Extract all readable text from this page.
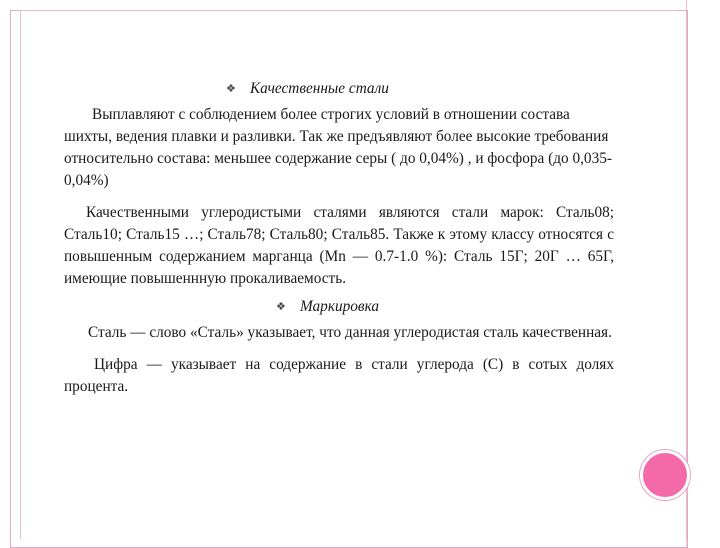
❖ Качественные стали

Выплавляют с соблюдением более строгих условий в отношении состава шихты, ведения плавки и разливки. Так же предъявляют более высокие требования относительно состава: меньшее содержание серы ( до 0,04%) , и фосфора (до 0,035-0,04%)

Качественными углеродистыми сталями являются стали марок: Сталь08; Сталь10; Сталь15 …; Сталь78; Сталь80; Сталь85. Также к этому классу относятся с повышенным содержанием марганца (Mn — 0.7-1.0 %): Сталь 15Г; 20Г … 65Г, имеющие повышеннную прокаливаемость.

❖ Маркировка

Сталь — слово «Сталь» указывает, что данная углеродистая сталь качественная.

Цифра — указывает на содержание в стали углерода (С) в сотых долях процента.
